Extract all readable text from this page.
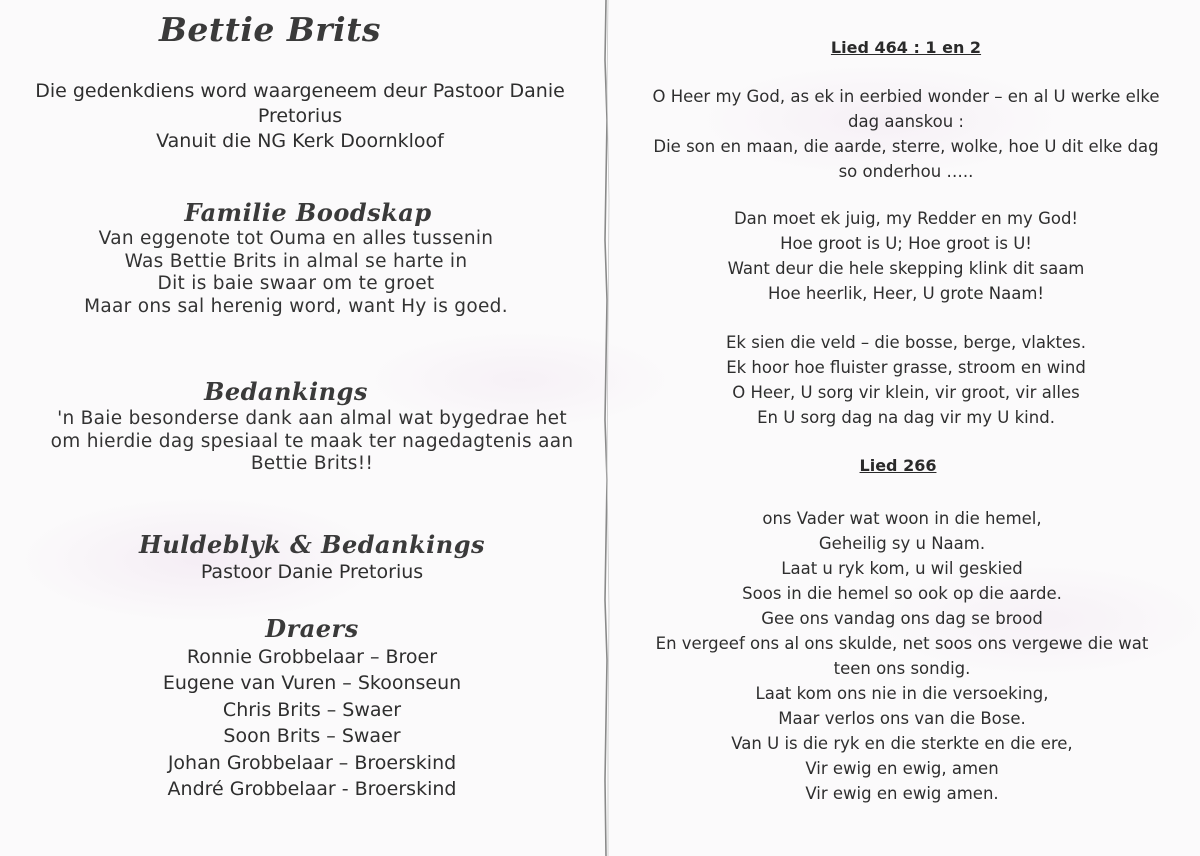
Bettie Brits
Die gedenkdiens word waargeneem deur Pastoor Danie
Pretorius
Vanuit die NG Kerk Doornkloof
Familie Boodskap
Van eggenote tot Ouma en alles tussenin
Was Bettie Brits in almal se harte in
Dit is baie swaar om te groet
Maar ons sal herenig word, want Hy is goed.
Bedankings
'n Baie besonderse dank aan almal wat bygedrae het
om hierdie dag spesiaal te maak ter nagedagtenis aan
Bettie Brits!!
Huldeblyk & Bedankings
Pastoor Danie Pretorius
Draers
Ronnie Grobbelaar – Broer
Eugene van Vuren – Skoonseun
Chris Brits – Swaer
Soon Brits – Swaer
Johan Grobbelaar – Broerskind
André Grobbelaar - Broerskind
Lied 464 : 1 en 2
O Heer my God, as ek in eerbied wonder – en al U werke elke
dag aanskou :
Die son en maan, die aarde, sterre, wolke, hoe U dit elke dag
so onderhou …..
Dan moet ek juig, my Redder en my God!
Hoe groot is U; Hoe groot is U!
Want deur die hele skepping klink dit saam
Hoe heerlik, Heer, U grote Naam!
Ek sien die veld – die bosse, berge, vlaktes.
Ek hoor hoe fluister grasse, stroom en wind
O Heer, U sorg vir klein, vir groot, vir alles
En U sorg dag na dag vir my U kind.
Lied 266
ons Vader wat woon in die hemel,
Geheilig sy u Naam.
Laat u ryk kom, u wil geskied
Soos in die hemel so ook op die aarde.
Gee ons vandag ons dag se brood
En vergeef ons al ons skulde, net soos ons vergewe die wat
teen ons sondig.
Laat kom ons nie in die versoeking,
Maar verlos ons van die Bose.
Van U is die ryk en die sterkte en die ere,
Vir ewig en ewig, amen
Vir ewig en ewig amen.
